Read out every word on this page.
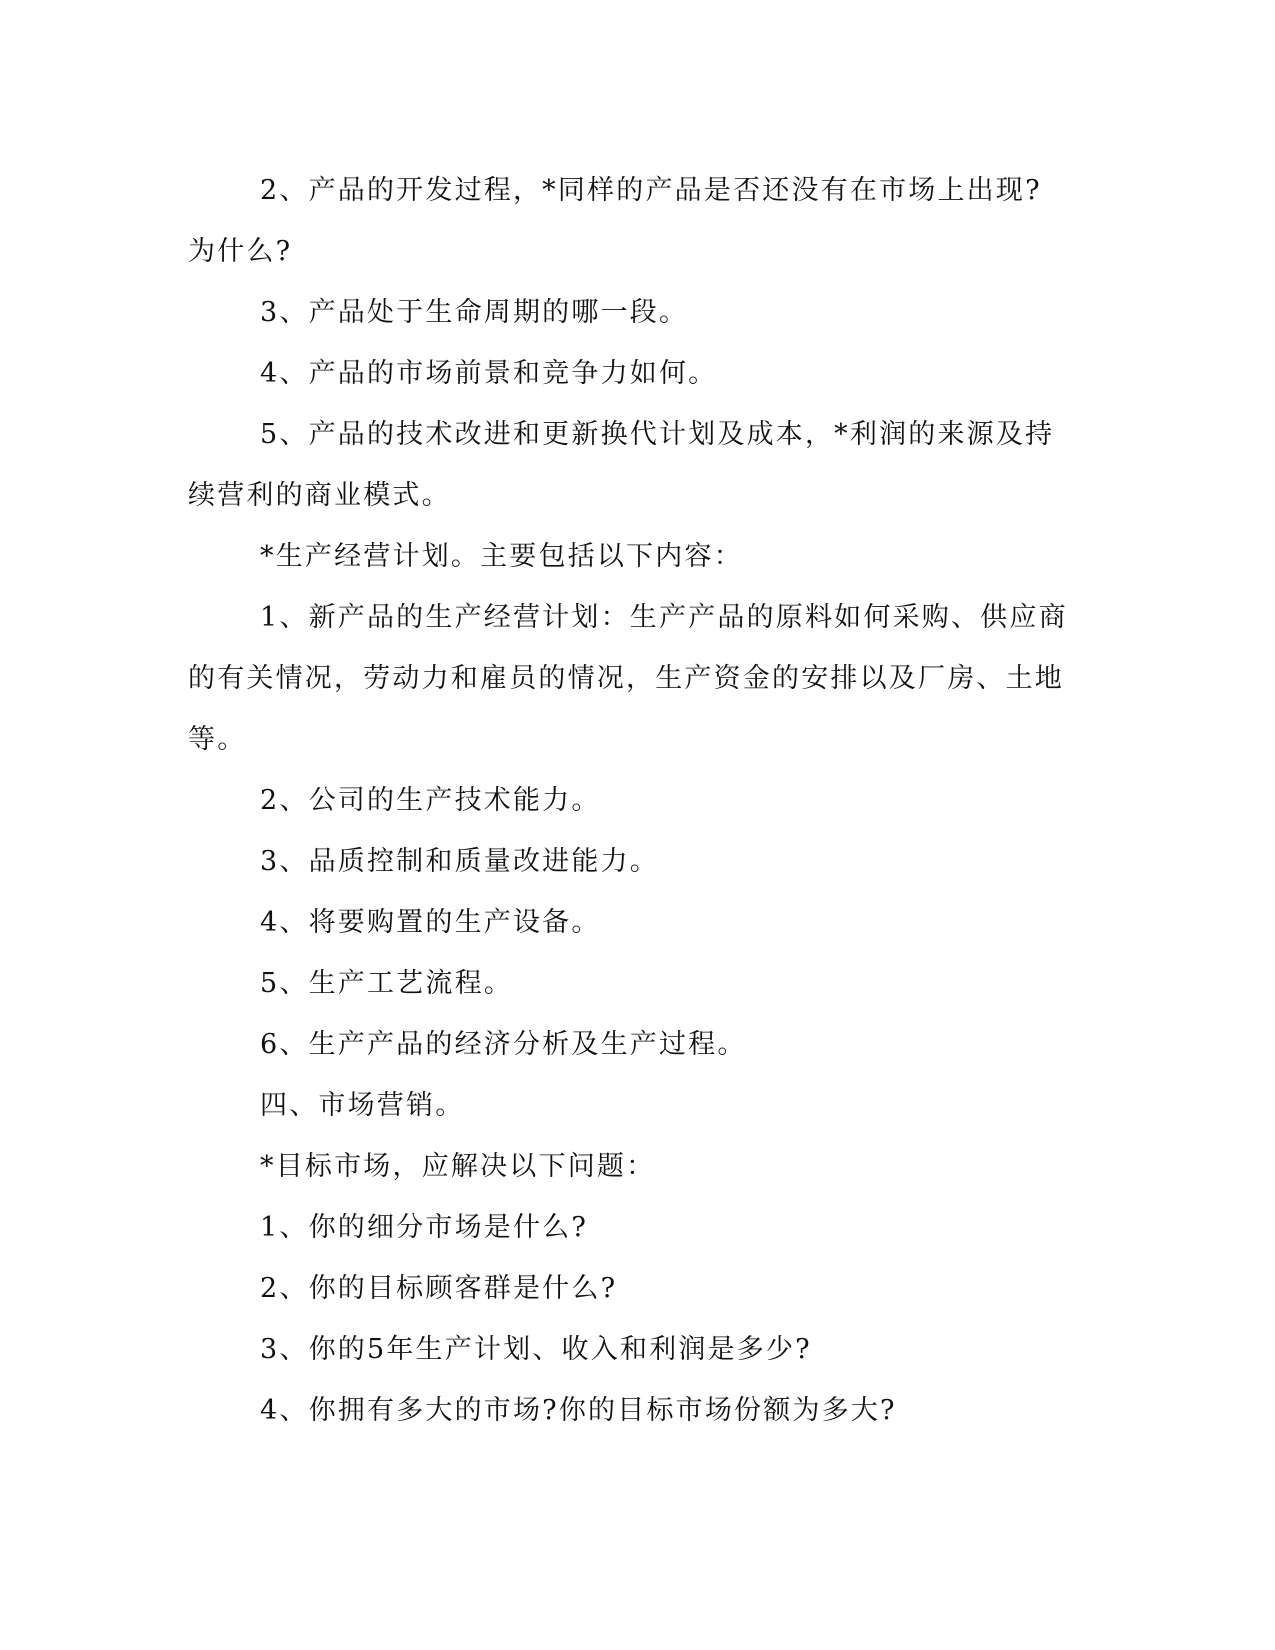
2、产品的开发过程，*同样的产品是否还没有在市场上出现?为什么?

3、产品处于生命周期的哪一段。

4、产品的市场前景和竞争力如何。

5、产品的技术改进和更新换代计划及成本，*利润的来源及持续营利的商业模式。

*生产经营计划。主要包括以下内容：

1、新产品的生产经营计划：生产产品的原料如何采购、供应商的有关情况，劳动力和雇员的情况，生产资金的安排以及厂房、土地等。

2、公司的生产技术能力。

3、品质控制和质量改进能力。

4、将要购置的生产设备。

5、生产工艺流程。

6、生产产品的经济分析及生产过程。

四、市场营销。

*目标市场，应解决以下问题：

1、你的细分市场是什么?

2、你的目标顾客群是什么?

3、你的5年生产计划、收入和利润是多少?

4、你拥有多大的市场?你的目标市场份额为多大?
